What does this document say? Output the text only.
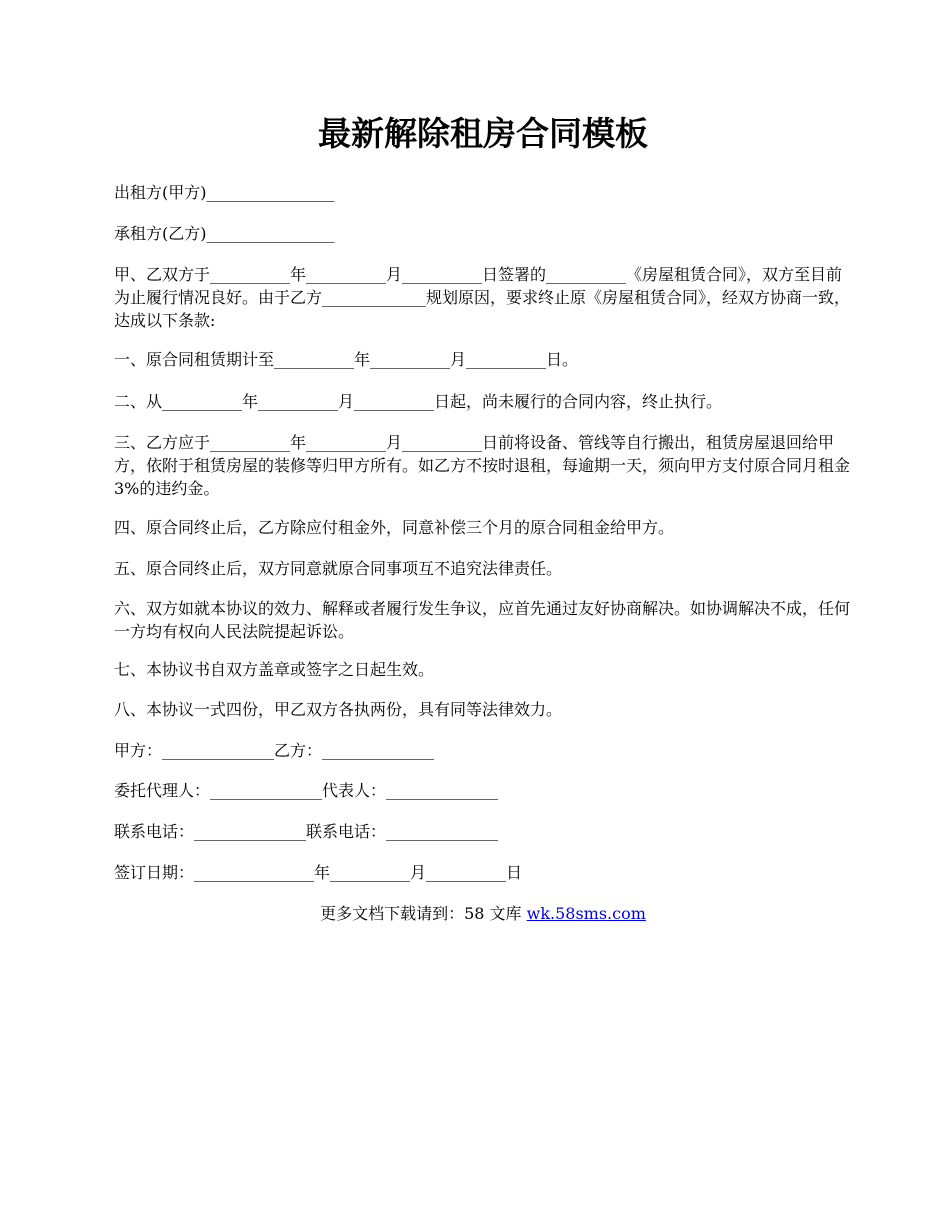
最新解除租房合同模板
出租方(甲方)________________
承租方(乙方)________________
甲、乙双方于__________年__________月__________日签署的__________《房屋租赁合同》，双方至目前为止履行情况良好。由于乙方_____________规划原因，要求终止原《房屋租赁合同》，经双方协商一致，达成以下条款:
一、原合同租赁期计至__________年__________月__________日。
二、从__________年__________月__________日起，尚未履行的合同内容，终止执行。
三、乙方应于__________年__________月__________日前将设备、管线等自行搬出，租赁房屋退回给甲方，依附于租赁房屋的装修等归甲方所有。如乙方不按时退租，每逾期一天，须向甲方支付原合同月租金3%的违约金。
四、原合同终止后，乙方除应付租金外，同意补偿三个月的原合同租金给甲方。
五、原合同终止后，双方同意就原合同事项互不追究法律责任。
六、双方如就本协议的效力、解释或者履行发生争议，应首先通过友好协商解决。如协调解决不成，任何一方均有权向人民法院提起诉讼。
七、本协议书自双方盖章或签字之日起生效。
八、本协议一式四份，甲乙双方各执两份，具有同等法律效力。
甲方：______________乙方：______________
委托代理人：______________代表人：______________
联系电话：______________联系电话：______________
签订日期：_______________年__________月__________日
更多文档下载请到：58 文库 wk.58sms.com
